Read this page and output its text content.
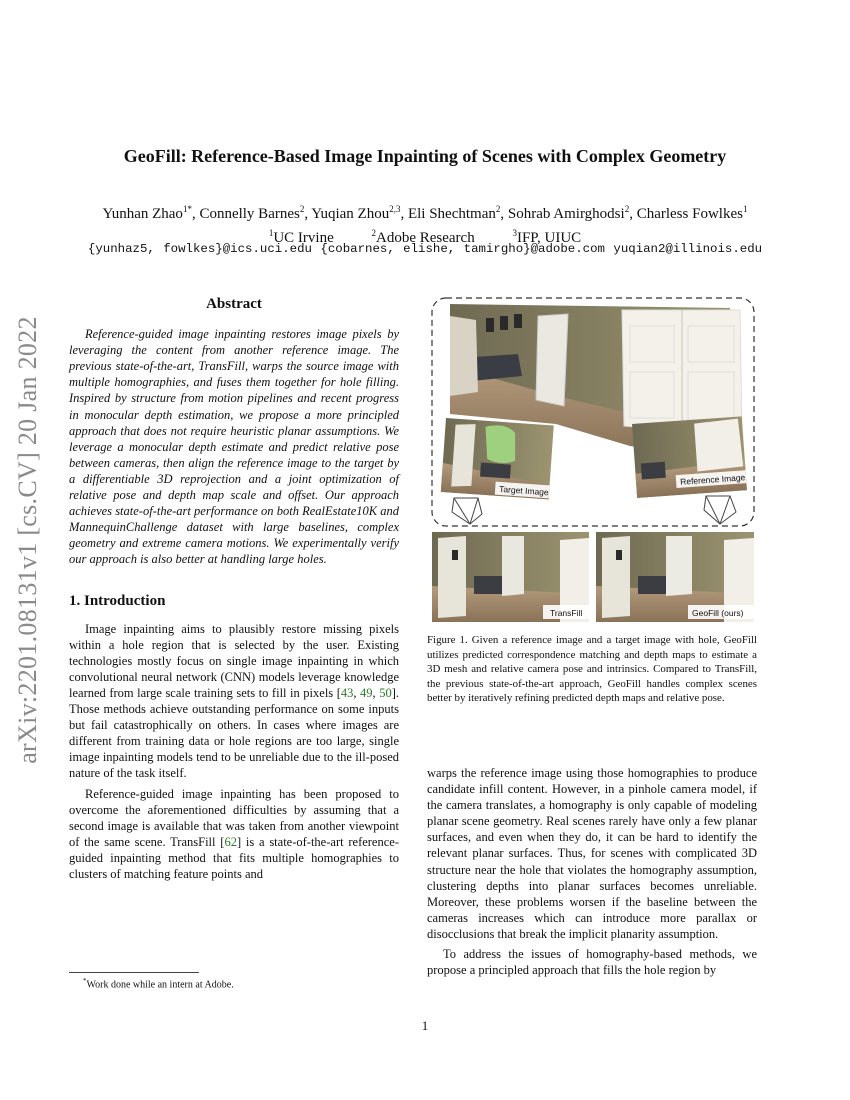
arXiv:2201.08131v1 [cs.CV] 20 Jan 2022
GeoFill: Reference-Based Image Inpainting of Scenes with Complex Geometry
Yunhan Zhao$^{1*}$, Connelly Barnes$^2$, Yuqian Zhou$^{2,3}$, Eli Shechtman$^2$, Sohrab Amirghodsi$^2$, Charless Fowlkes$^1$
$^1$UC Irvine	$^2$Adobe Research	$^3$IFP, UIUC
{yunhaz5, fowlkes}@ics.uci.edu {cobarnes, elishe, tamirgho}@adobe.com yuqian2@illinois.edu

Abstract

Reference-guided image inpainting restores image pixels by leveraging the content from another reference image. The previous state-of-the-art, TransFill, warps the source image with multiple homographies, and fuses them together for hole filling. Inspired by structure from motion pipelines and recent progress in monocular depth estimation, we propose a more principled approach that does not require heuristic planar assumptions. We leverage a monocular depth estimate and predict relative pose between cameras, then align the reference image to the target by a differentiable 3D reprojection and a joint optimization of relative pose and depth map scale and offset. Our approach achieves state-of-the-art performance on both RealEstate10K and MannequinChallenge dataset with large baselines, complex geometry and extreme camera motions. We experimentally verify our approach is also better at handling large holes.

1. Introduction

Image inpainting aims to plausibly restore missing pixels within a hole region that is selected by the user. Existing technologies mostly focus on single image inpainting in which convolutional neural network (CNN) models leverage knowledge learned from large scale training sets to fill in pixels [43, 49, 50]. Those methods achieve outstanding performance on some inputs but fail catastrophically on others. In cases where images are different from training data or hole regions are too large, single image inpainting models tend to be unreliable due to the ill-posed nature of the task itself.

Reference-guided image inpainting has been proposed to overcome the aforementioned difficulties by assuming that a second image is available that was taken from another viewpoint of the same scene. TransFill [62] is a state-of-the-art reference-guided inpainting method that fits multiple homographies to clusters of matching feature points and

*Work done while an intern at Adobe.
Target Image
Reference Image
TransFill	GeoFill (ours)
Figure 1. Given a reference image and a target image with hole, GeoFill utilizes predicted correspondence matching and depth maps to estimate a 3D mesh and relative camera pose and intrinsics. Compared to TransFill, the previous state-of-the-art approach, GeoFill handles complex scenes better by iteratively refining predicted depth maps and relative pose.

warps the reference image using those homographies to produce candidate infill content. However, in a pinhole camera model, if the camera translates, a homography is only capable of modeling planar scene geometry. Real scenes rarely have only a few planar surfaces, and even when they do, it can be hard to identify the relevant planar surfaces. Thus, for scenes with complicated 3D structure near the hole that violates the homography assumption, clustering depths into planar surfaces becomes unreliable. Moreover, these problems worsen if the baseline between the cameras increases which can introduce more parallax or disocclusions that break the implicit planarity assumption.

To address the issues of homography-based methods, we propose a principled approach that fills the hole region by

1
